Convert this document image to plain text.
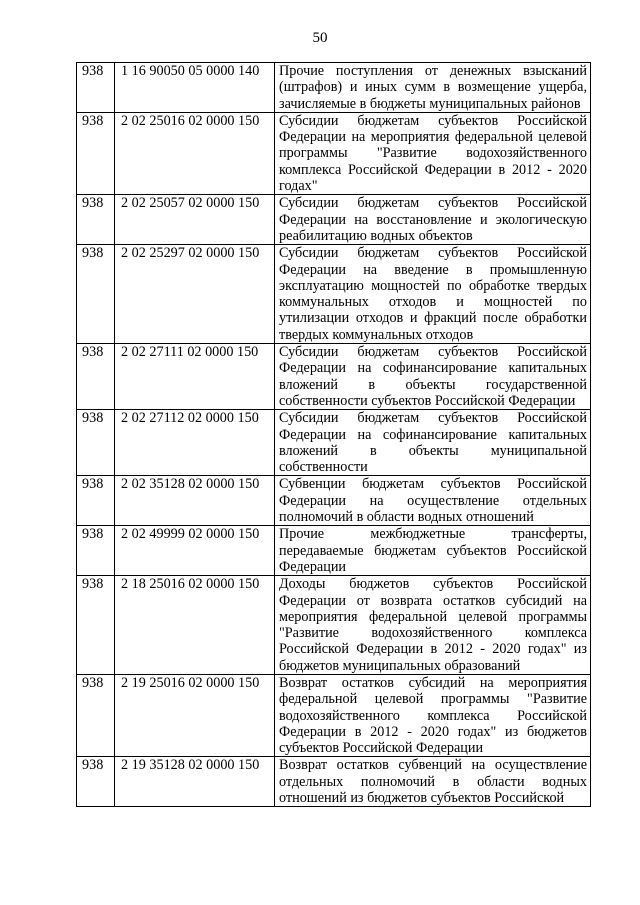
50
938	1 16 90050 05 0000 140	Прочие поступления от денежных взысканий (штрафов) и иных сумм в возмещение ущерба, зачисляемые в бюджеты муниципальных районов
938	2 02 25016 02 0000 150	Субсидии бюджетам субъектов Российской Федерации на мероприятия федеральной целевой программы "Развитие водохозяйственного комплекса Российской Федерации в 2012 - 2020 годах"
938	2 02 25057 02 0000 150	Субсидии бюджетам субъектов Российской Федерации на восстановление и экологическую реабилитацию водных объектов
938	2 02 25297 02 0000 150	Субсидии бюджетам субъектов Российской Федерации на введение в промышленную эксплуатацию мощностей по обработке твердых коммунальных отходов и мощностей по утилизации отходов и фракций после обработки твердых коммунальных отходов
938	2 02 27111 02 0000 150	Субсидии бюджетам субъектов Российской Федерации на софинансирование капитальных вложений в объекты государственной собственности субъектов Российской Федерации
938	2 02 27112 02 0000 150	Субсидии бюджетам субъектов Российской Федерации на софинансирование капитальных вложений в объекты муниципальной собственности
938	2 02 35128 02 0000 150	Субвенции бюджетам субъектов Российской Федерации на осуществление отдельных полномочий в области водных отношений
938	2 02 49999 02 0000 150	Прочие межбюджетные трансферты, передаваемые бюджетам субъектов Российской Федерации
938	2 18 25016 02 0000 150	Доходы бюджетов субъектов Российской Федерации от возврата остатков субсидий на мероприятия федеральной целевой программы "Развитие водохозяйственного комплекса Российской Федерации в 2012 - 2020 годах" из бюджетов муниципальных образований
938	2 19 25016 02 0000 150	Возврат остатков субсидий на мероприятия федеральной целевой программы "Развитие водохозяйственного комплекса Российской Федерации в 2012 - 2020 годах" из бюджетов субъектов Российской Федерации
938	2 19 35128 02 0000 150	Возврат остатков субвенций на осуществление отдельных полномочий в области водных отношений из бюджетов субъектов Российской
